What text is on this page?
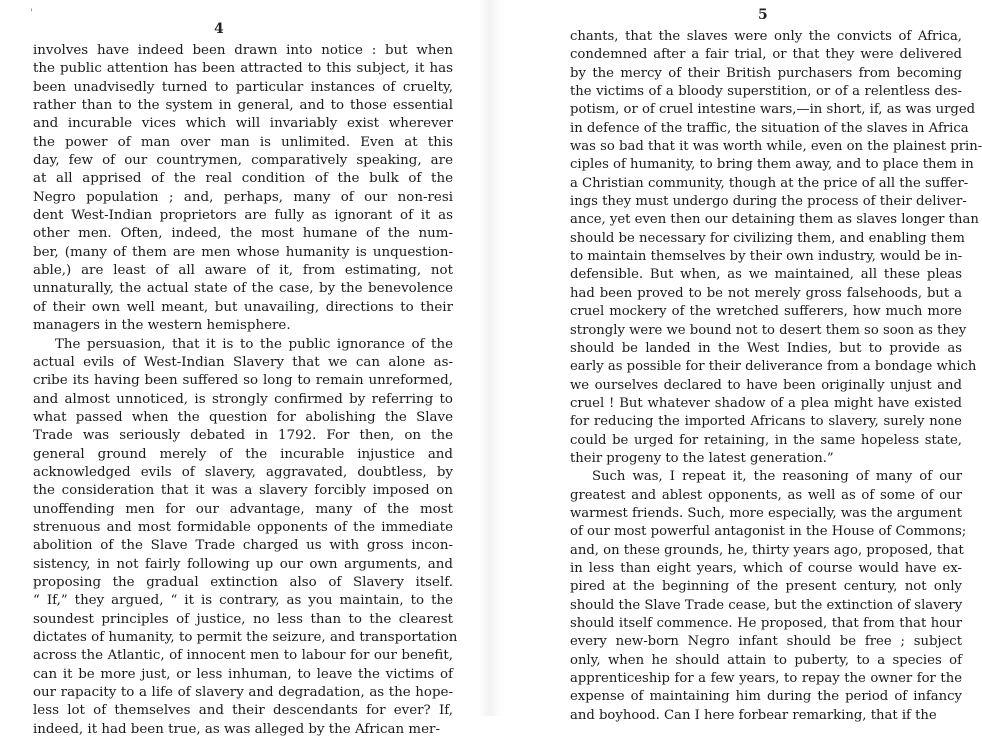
'
4
involves have indeed been drawn into notice : but when
the public attention has been attracted to this subject, it has
been unadvisedly turned to particular instances of cruelty,
rather than to the system in general, and to those essential
and incurable vices which will invariably exist wherever
the power of man over man is unlimited. Even at this
day, few of our countrymen, comparatively speaking, are
at all apprised of the real condition of the bulk of the
Negro population ; and, perhaps, many of our non-resi
dent West-Indian proprietors are fully as ignorant of it as
other men. Often, indeed, the most humane of the num-
ber, (many of them are men whose humanity is unquestion-
able,) are least of all aware of it, from estimating, not
unnaturally, the actual state of the case, by the benevolence
of their own well meant, but unavailing, directions to their
managers in the western hemisphere.
The persuasion, that it is to the public ignorance of the
actual evils of West-Indian Slavery that we can alone as-
cribe its having been suffered so long to remain unreformed,
and almost unnoticed, is strongly confirmed by referring to
what passed when the question for abolishing the Slave
Trade was seriously debated in 1792. For then, on the
general ground merely of the incurable injustice and
acknowledged evils of slavery, aggravated, doubtless, by
the consideration that it was a slavery forcibly imposed on
unoffending men for our advantage, many of the most
strenuous and most formidable opponents of the immediate
abolition of the Slave Trade charged us with gross incon-
sistency, in not fairly following up our own arguments, and
proposing the gradual extinction also of Slavery itself.
“ If,” they argued, “ it is contrary, as you maintain, to the
soundest principles of justice, no less than to the clearest
dictates of humanity, to permit the seizure, and transportation
across the Atlantic, of innocent men to labour for our benefit,
can it be more just, or less inhuman, to leave the victims of
our rapacity to a life of slavery and degradation, as the hope-
less lot of themselves and their descendants for ever? If,
indeed, it had been true, as was alleged by the African mer-
5
chants, that the slaves were only the convicts of Africa,
condemned after a fair trial, or that they were delivered
by the mercy of their British purchasers from becoming
the victims of a bloody superstition, or of a relentless des-
potism, or of cruel intestine wars,—in short, if, as was urged
in defence of the traffic, the situation of the slaves in Africa
was so bad that it was worth while, even on the plainest prin-
ciples of humanity, to bring them away, and to place them in
a Christian community, though at the price of all the suffer-
ings they must undergo during the process of their deliver-
ance, yet even then our detaining them as slaves longer than
should be necessary for civilizing them, and enabling them
to maintain themselves by their own industry, would be in-
defensible. But when, as we maintained, all these pleas
had been proved to be not merely gross falsehoods, but a
cruel mockery of the wretched sufferers, how much more
strongly were we bound not to desert them so soon as they
should be landed in the West Indies, but to provide as
early as possible for their deliverance from a bondage which
we ourselves declared to have been originally unjust and
cruel ! But whatever shadow of a plea might have existed
for reducing the imported Africans to slavery, surely none
could be urged for retaining, in the same hopeless state,
their progeny to the latest generation.”
Such was, I repeat it, the reasoning of many of our
greatest and ablest opponents, as well as of some of our
warmest friends. Such, more especially, was the argument
of our most powerful antagonist in the House of Commons;
and, on these grounds, he, thirty years ago, proposed, that
in less than eight years, which of course would have ex-
pired at the beginning of the present century, not only
should the Slave Trade cease, but the extinction of slavery
should itself commence. He proposed, that from that hour
every new-born Negro infant should be free ; subject
only, when he should attain to puberty, to a species of
apprenticeship for a few years, to repay the owner for the
expense of maintaining him during the period of infancy
and boyhood. Can I here forbear remarking, that if the
